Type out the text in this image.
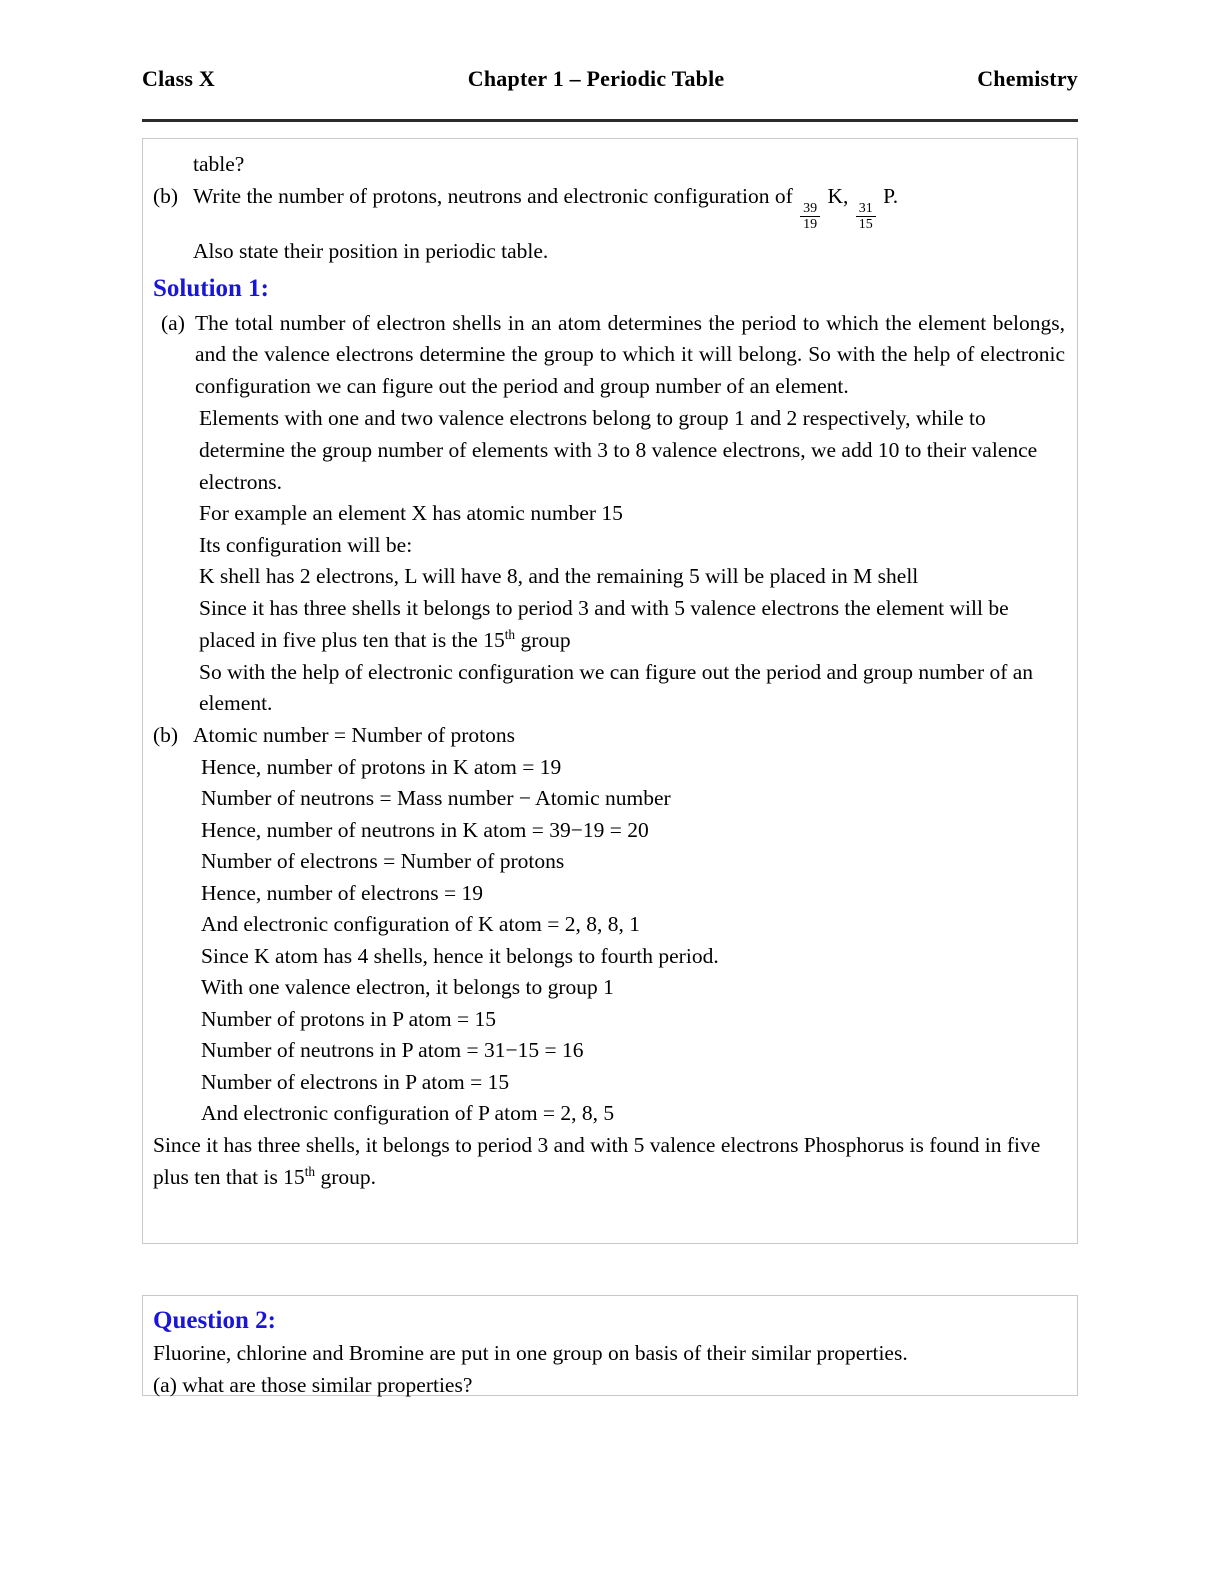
Class X	Chapter 1 – Periodic Table	Chemistry
table?
(b) Write the number of protons, neutrons and electronic configuration of
$\frac{39}{19}$
K,
$\frac{31}{15}$
P.
Also state their position in periodic table.
Solution 1:
(a) The total number of electron shells in an atom determines the period to which the element belongs, and the valence electrons determine the group to which it will belong. So with the help of electronic configuration we can figure out the period and group number of an element.
Elements with one and two valence electrons belong to group 1 and 2 respectively, while to determine the group number of elements with 3 to 8 valence electrons, we add 10 to their valence electrons.
For example an element X has atomic number 15
Its configuration will be:
K shell has 2 electrons, L will have 8, and the remaining 5 will be placed in M shell
Since it has three shells it belongs to period 3 and with 5 valence electrons the element will be placed in five plus ten that is the 15th group
So with the help of electronic configuration we can figure out the period and group number of an element.
(b) Atomic number = Number of protons
Hence, number of protons in K atom = 19
Number of neutrons = Mass number − Atomic number
Hence, number of neutrons in K atom = 39−19 = 20
Number of electrons = Number of protons
Hence, number of electrons = 19
And electronic configuration of K atom = 2, 8, 8, 1
Since K atom has 4 shells, hence it belongs to fourth period.
With one valence electron, it belongs to group 1
Number of protons in P atom = 15
Number of neutrons in P atom = 31−15 = 16
Number of electrons in P atom = 15
And electronic configuration of P atom = 2, 8, 5
Since it has three shells, it belongs to period 3 and with 5 valence electrons Phosphorus is found in five plus ten that is 15th group.
Question 2:
Fluorine, chlorine and Bromine are put in one group on basis of their similar properties.
(a) what are those similar properties?
